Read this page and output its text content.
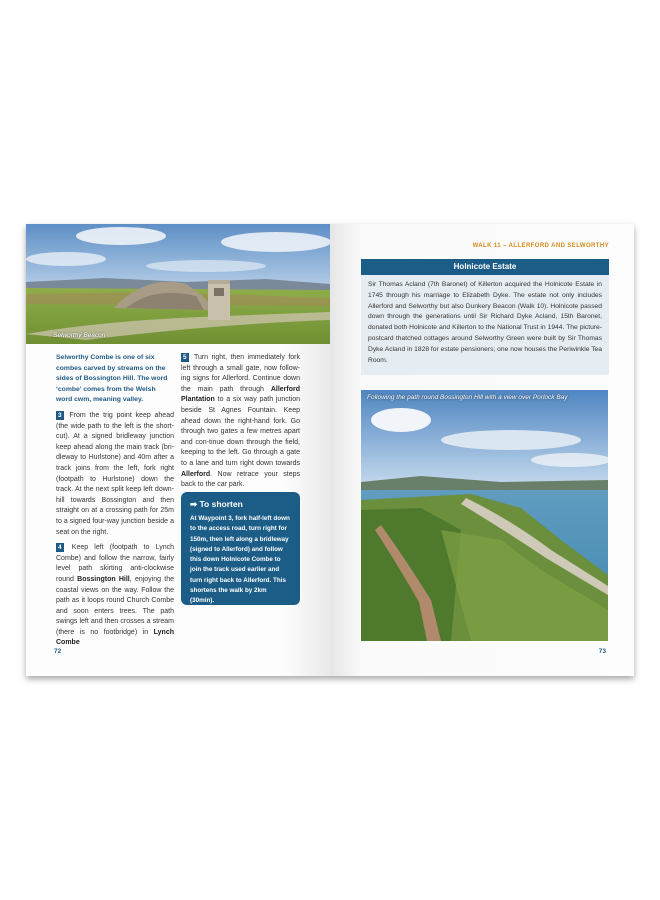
Selworthy Beacon
Selworthy Combe is one of six combes carved by streams on the sides of Bossington Hill. The word ‘combe’ comes from the Welsh word cwm, meaning valley.

3 From the trig point keep ahead (the wide path to the left is the short-cut). At a signed bridleway junction keep ahead along the main track (bri-dleway to Hurlstone) and 40m after a track joins from the left, fork right (footpath to Hurlstone) down the track. At the next split keep left down-hill towards Bossington and then straight on at a crossing path for 25m to a signed four-way junction beside a seat on the right.

4 Keep left (footpath to Lynch Combe) and follow the narrow, fairly level path skirting anti-clockwise round Bossington Hill, enjoying the coastal views on the way. Follow the path as it loops round Church Combe and soon enters trees. The path swings left and then crosses a stream (there is no footbridge) in Lynch Combe

5 Turn right, then immediately fork left through a small gate, now follow-ing signs for Allerford. Continue down the main path through Allerford Plantation to a six way path junction beside St Agnes Fountain. Keep ahead down the right-hand fork. Go through two gates a few metres apart and con-tinue down through the field, keeping to the left. Go through a gate to a lane and turn right down towards Allerford. Now retrace your steps back to the car park.

➡ To shorten
At Waypoint 3, fork half-left down to the access road, turn right for 150m, then left along a bridleway (signed to Allerford) and follow this down Holnicote Combe to join the track used earlier and turn right back to Allerford. This shortens the walk by 2km (30min).
72
WALK 11 – ALLERFORD AND SELWORTHY
Holnicote Estate
Sir Thomas Acland (7th Baronet) of Killerton acquired the Holnicote Estate in 1745 through his marriage to Elizabeth Dyke. The estate not only includes Allerford and Selworthy but also Dunkery Beacon (Walk 10). Holnicote passed down through the generations until Sir Richard Dyke Acland, 15th Baronet, donated both Holnicote and Killerton to the National Trust in 1944. The picture-postcard thatched cottages around Selworthy Green were built by Sir Thomas Dyke Acland in 1828 for estate pensioners; one now houses the Periwinkle Tea Room.
Following the path round Bossington Hill with a view over Porlock Bay
73
